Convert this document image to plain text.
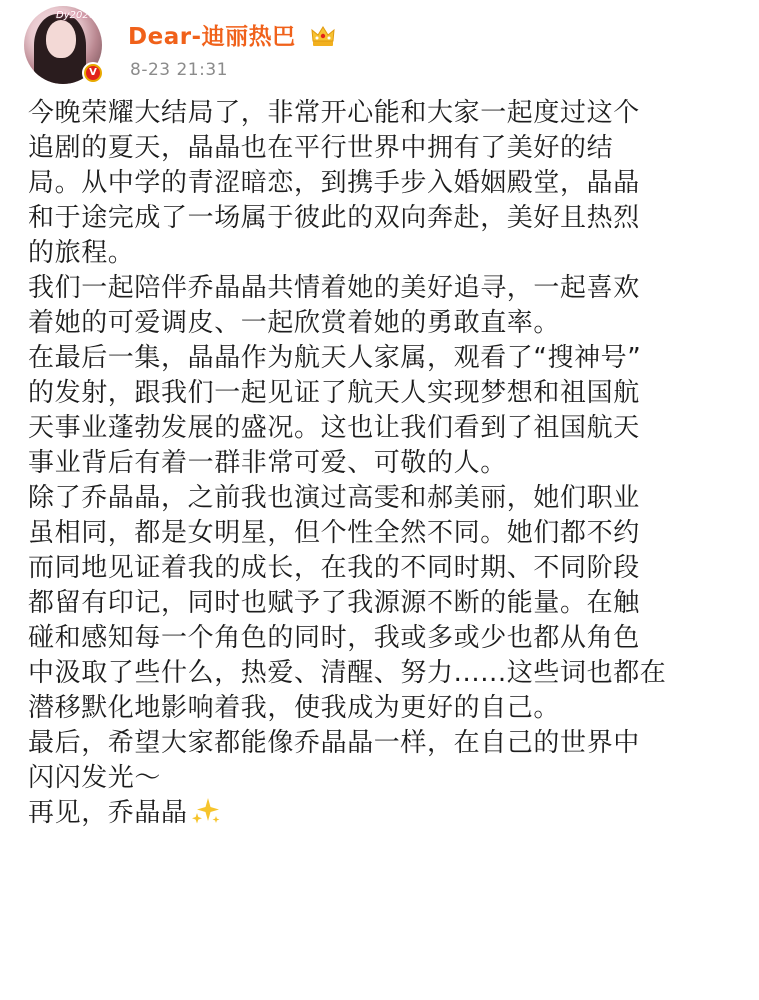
Dy2020
V
Dear-迪丽热巴
8-23 21:31

今晚荣耀大结局了，非常开心能和大家一起度过这个

追剧的夏天，晶晶也在平行世界中拥有了美好的结

局。从中学的青涩暗恋，到携手步入婚姻殿堂，晶晶

和于途完成了一场属于彼此的双向奔赴，美好且热烈

的旅程。

我们一起陪伴乔晶晶共情着她的美好追寻，一起喜欢

着她的可爱调皮、一起欣赏着她的勇敢直率。

在最后一集，晶晶作为航天人家属，观看了“搜神号”

的发射，跟我们一起见证了航天人实现梦想和祖国航

天事业蓬勃发展的盛况。这也让我们看到了祖国航天

事业背后有着一群非常可爱、可敬的人。

除了乔晶晶，之前我也演过高雯和郝美丽，她们职业

虽相同，都是女明星，但个性全然不同。她们都不约

而同地见证着我的成长，在我的不同时期、不同阶段

都留有印记，同时也赋予了我源源不断的能量。在触

碰和感知每一个角色的同时，我或多或少也都从角色

中汲取了些什么，热爱、清醒、努力......这些词也都在

潜移默化地影响着我，使我成为更好的自己。

最后，希望大家都能像乔晶晶一样，在自己的世界中

闪闪发光～

再见，乔晶晶
